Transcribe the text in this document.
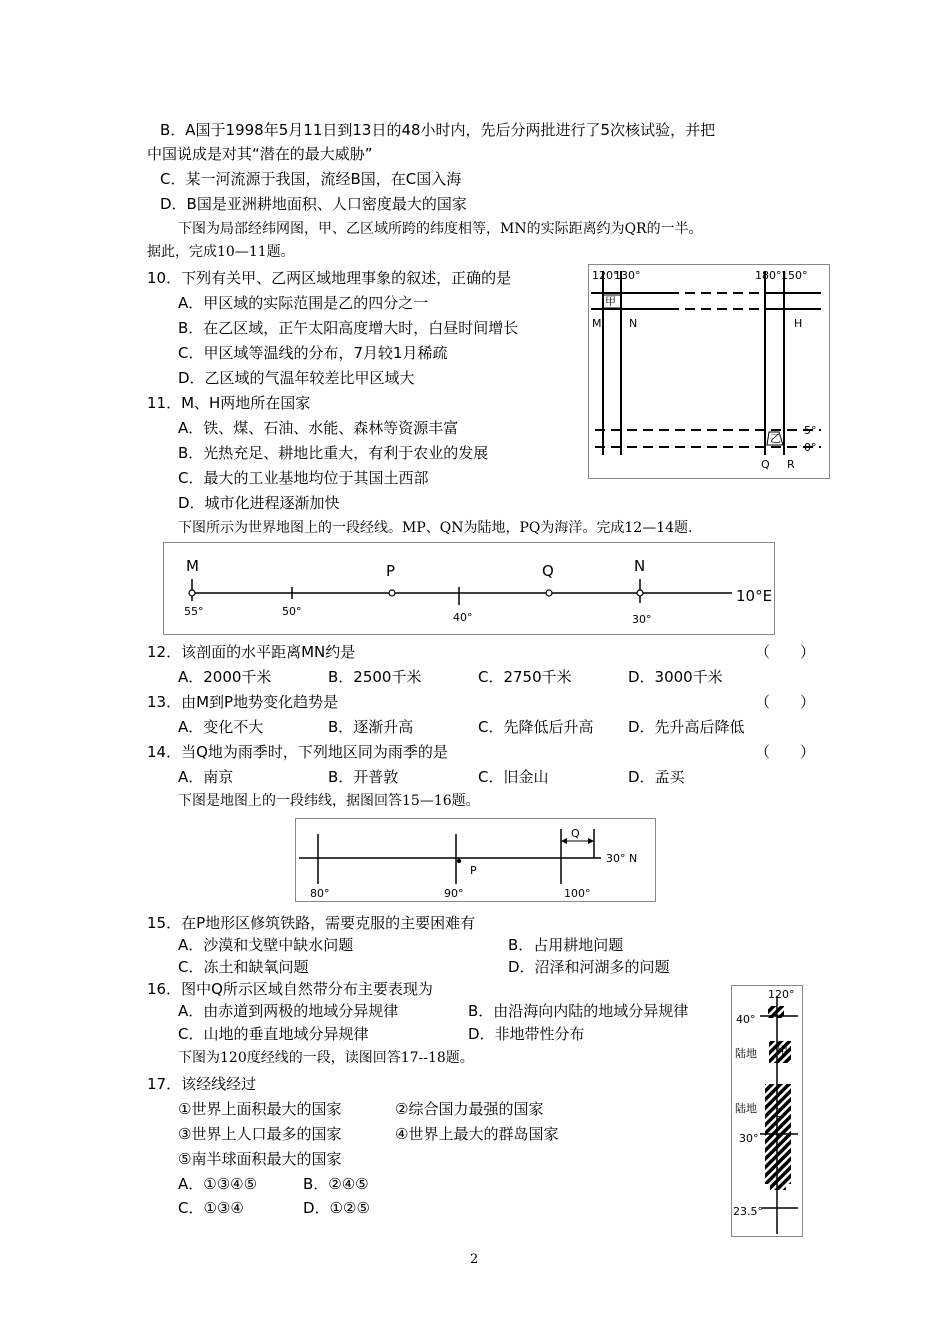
B．A国于1998年5月11日到13日的48小时内，先后分两批进行了5次核试验，并把
中国说成是对其“潜在的最大威胁”
C．某一河流源于我国，流经B国，在C国入海
D．B国是亚洲耕地面积、人口密度最大的国家
下图为局部经纬网图，甲、乙区域所跨的纬度相等，MN的实际距离约为QR的一半。
据此，完成10—11题。
10．下列有关甲、乙两区域地理事象的叙述，正确的是
A．甲区域的实际范围是乙的四分之一
B．在乙区域，正午太阳高度增大时，白昼时间增长
C．甲区域等温线的分布，7月较1月稀疏
D．乙区域的气温年较差比甲区域大
11．M、H两地所在国家
A．铁、煤、石油、水能、森林等资源丰富
B．光热充足、耕地比重大，有利于农业的发展
C．最大的工业基地均位于其国土西部
D．城市化进程逐渐加快
下图所示为世界地图上的一段经线。MP、QN为陆地，PQ为海洋。完成12—14题.
12．该剖面的水平距离MN约是	（　　）
A．2000千米	B．2500千米	C．2750千米	D．3000千米
13．由M到P地势变化趋势是	（　　）
A．变化不大	B．逐渐升高	C．先降低后升高 D．先升高后降低
14．当Q地为雨季时，下列地区同为雨季的是	（　　）
A．南京	B．开普敦	C．旧金山	D．孟买
下图是地图上的一段纬线，据图回答15—16题。
15．在P地形区修筑铁路，需要克服的主要困难有
A．沙漠和戈壁中缺水问题	B．占用耕地问题
C．冻土和缺氧问题	D．沼泽和河湖多的问题
16．图中Q所示区域自然带分布主要表现为
A．由赤道到两极的地域分异规律	B．由沿海向内陆的地域分异规律
C．山地的垂直地域分异规律	D．非地带性分布
下图为120度经线的一段，读图回答17--18题。
17．该经线经过
①世界上面积最大的国家	②综合国力最强的国家
③世界上人口最多的国家	④世界上最大的群岛国家
⑤南半球面积最大的国家
A．①③④⑤	B．②④⑤
C．①③④	D．①②⑤
120°
130°	180° 150°
甲
M	N	H
乙
5°
0°
Q R
M	P	Q	N
55°	50°	40°	30°
10°E
Q
P
30° N
80°	90°	100°
120°
40°
陆地 甲
陆地 乙
30°
23.5°
2
